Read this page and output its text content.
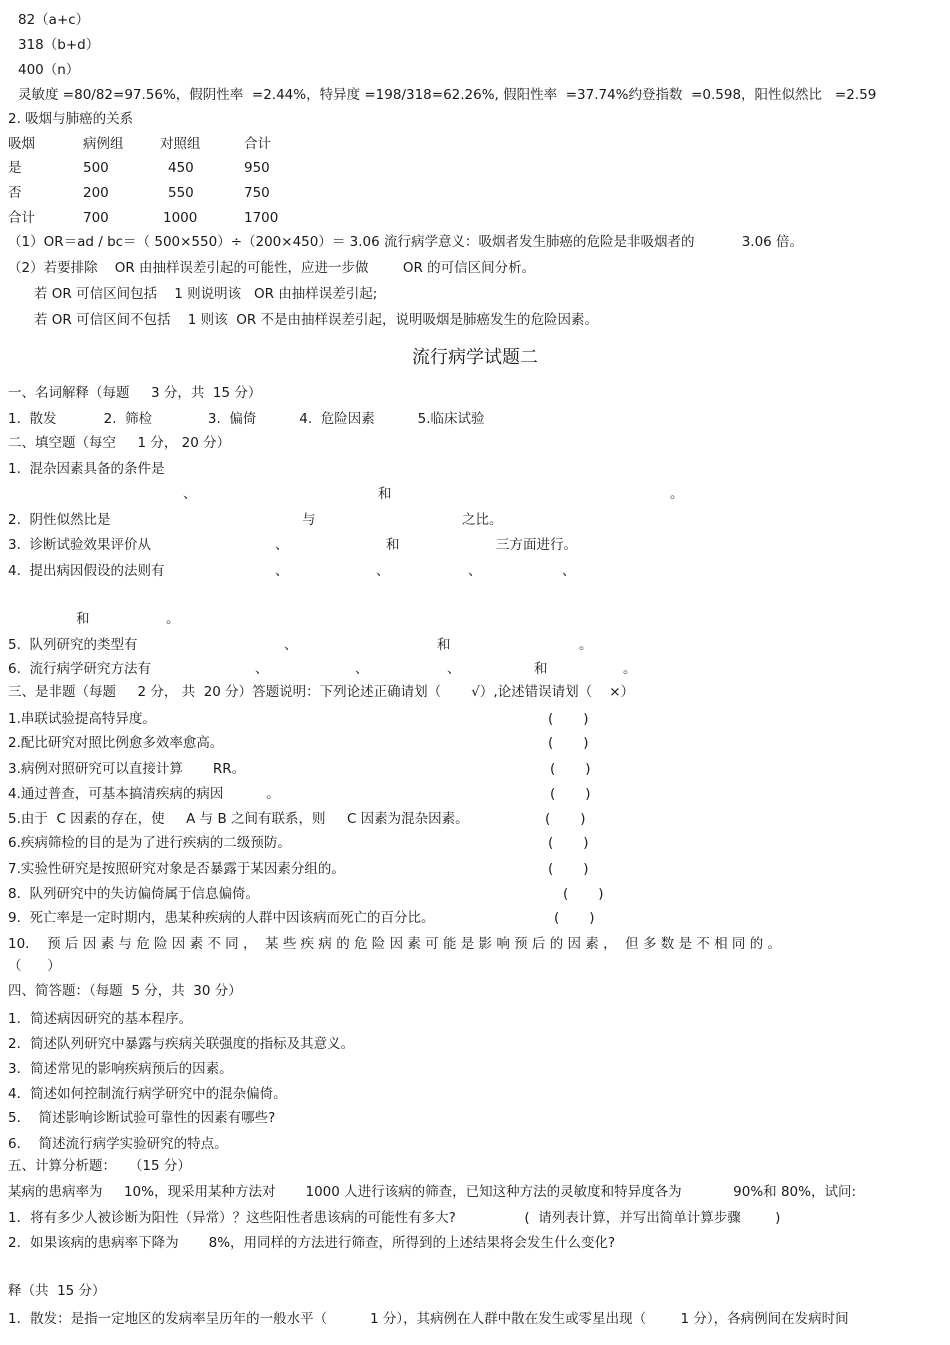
82（a+c）
318（b+d）
400（n）
灵敏度 =80/82=97.56%，假阴性率  =2.44%，特异度 =198/318=62.26%, 假阳性率  =37.74%约登指数  =0.598，阳性似然比   =2.59
2. 吸烟与肺癌的关系
吸烟	病例组	对照组	合计
是	500	450	950
否	200	550	750
合计	700	1000	1700
（1）OR＝ad / bc＝（ 500×550）÷（200×450）＝ 3.06 流行病学意义：吸烟者发生肺癌的危险是非吸烟者的           3.06 倍。
（2）若要排除    OR 由抽样误差引起的可能性，应进一步做        OR 的可信区间分析。
若 OR 可信区间包括    1 则说明该   OR 由抽样误差引起;
若 OR 可信区间不包括    1 则该  OR 不是由抽样误差引起，说明吸烟是肺癌发生的危险因素。
流行病学试题二
一、名词解释（每题     3 分，共  15 分）
1.  散发           2.  筛检             3.  偏倚          4.  危险因素          5.临床试验
二、填空题（每空     1 分， 20 分）
1.  混杂因素具备的条件是
、	和	。
2.  阴性似然比是	与	之比。
3.  诊断试验效果评价从	、	和	三方面进行。
4.  提出病因假设的法则有	、	、	、	、
和	。
5.  队列研究的类型有	、	和	。
6.  流行病学研究方法有	、	、	、	和	。
三、是非题（每题     2 分， 共  20 分）答题说明：下列论述正确请划（       √）,论述错误请划（    ×）
1.串联试验提高特异度。	(       )
2.配比研究对照比例愈多效率愈高。	(       )
3.病例对照研究可以直接计算       RR。	(       )
4.通过普查，可基本搞清疾病的病因          。	(       )
5.由于  C 因素的存在，使     A 与 B 之间有联系，则     C 因素为混杂因素。	(       )
6.疾病筛检的目的是为了进行疾病的二级预防。	(       )
7.实验性研究是按照研究对象是否暴露于某因素分组的。	(       )
8.  队列研究中的失访偏倚属于信息偏倚。	(       )
9.  死亡率是一定时期内，患某种疾病的人群中因该病而死亡的百分比。	(       )
10．  预 后 因 素 与 危 险 因 素 不 同 ，  某 些 疾 病 的 危 险 因 素 可 能 是 影 响 预 后 的 因 素 ，  但 多 数 是 不 相 同 的 。
（      ）
四、简答题：（每题  5 分，共  30 分）
1．简述病因研究的基本程序。
2．简述队列研究中暴露与疾病关联强度的指标及其意义。
3．简述常见的影响疾病预后的因素。
4．简述如何控制流行病学研究中的混杂偏倚。
5．  简述影响诊断试验可靠性的因素有哪些?
6．  简述流行病学实验研究的特点。
五、计算分析题：   （15 分）
某病的患病率为     10%，现采用某种方法对       1000 人进行该病的筛查，已知这种方法的灵敏度和特异度各为            90%和 80%，试问:
1．将有多少人被诊断为阳性（异常）？这些阳性者患该病的可能性有多大?                (  请列表计算，并写出简单计算步骤        )
2．如果该病的患病率下降为       8%，用同样的方法进行筛查，所得到的上述结果将会发生什么变化?
释（共  15 分）
1．散发：是指一定地区的发病率呈历年的一般水平（          1 分），其病例在人群中散在发生或零星出现（        1 分），各病例间在发病时间
